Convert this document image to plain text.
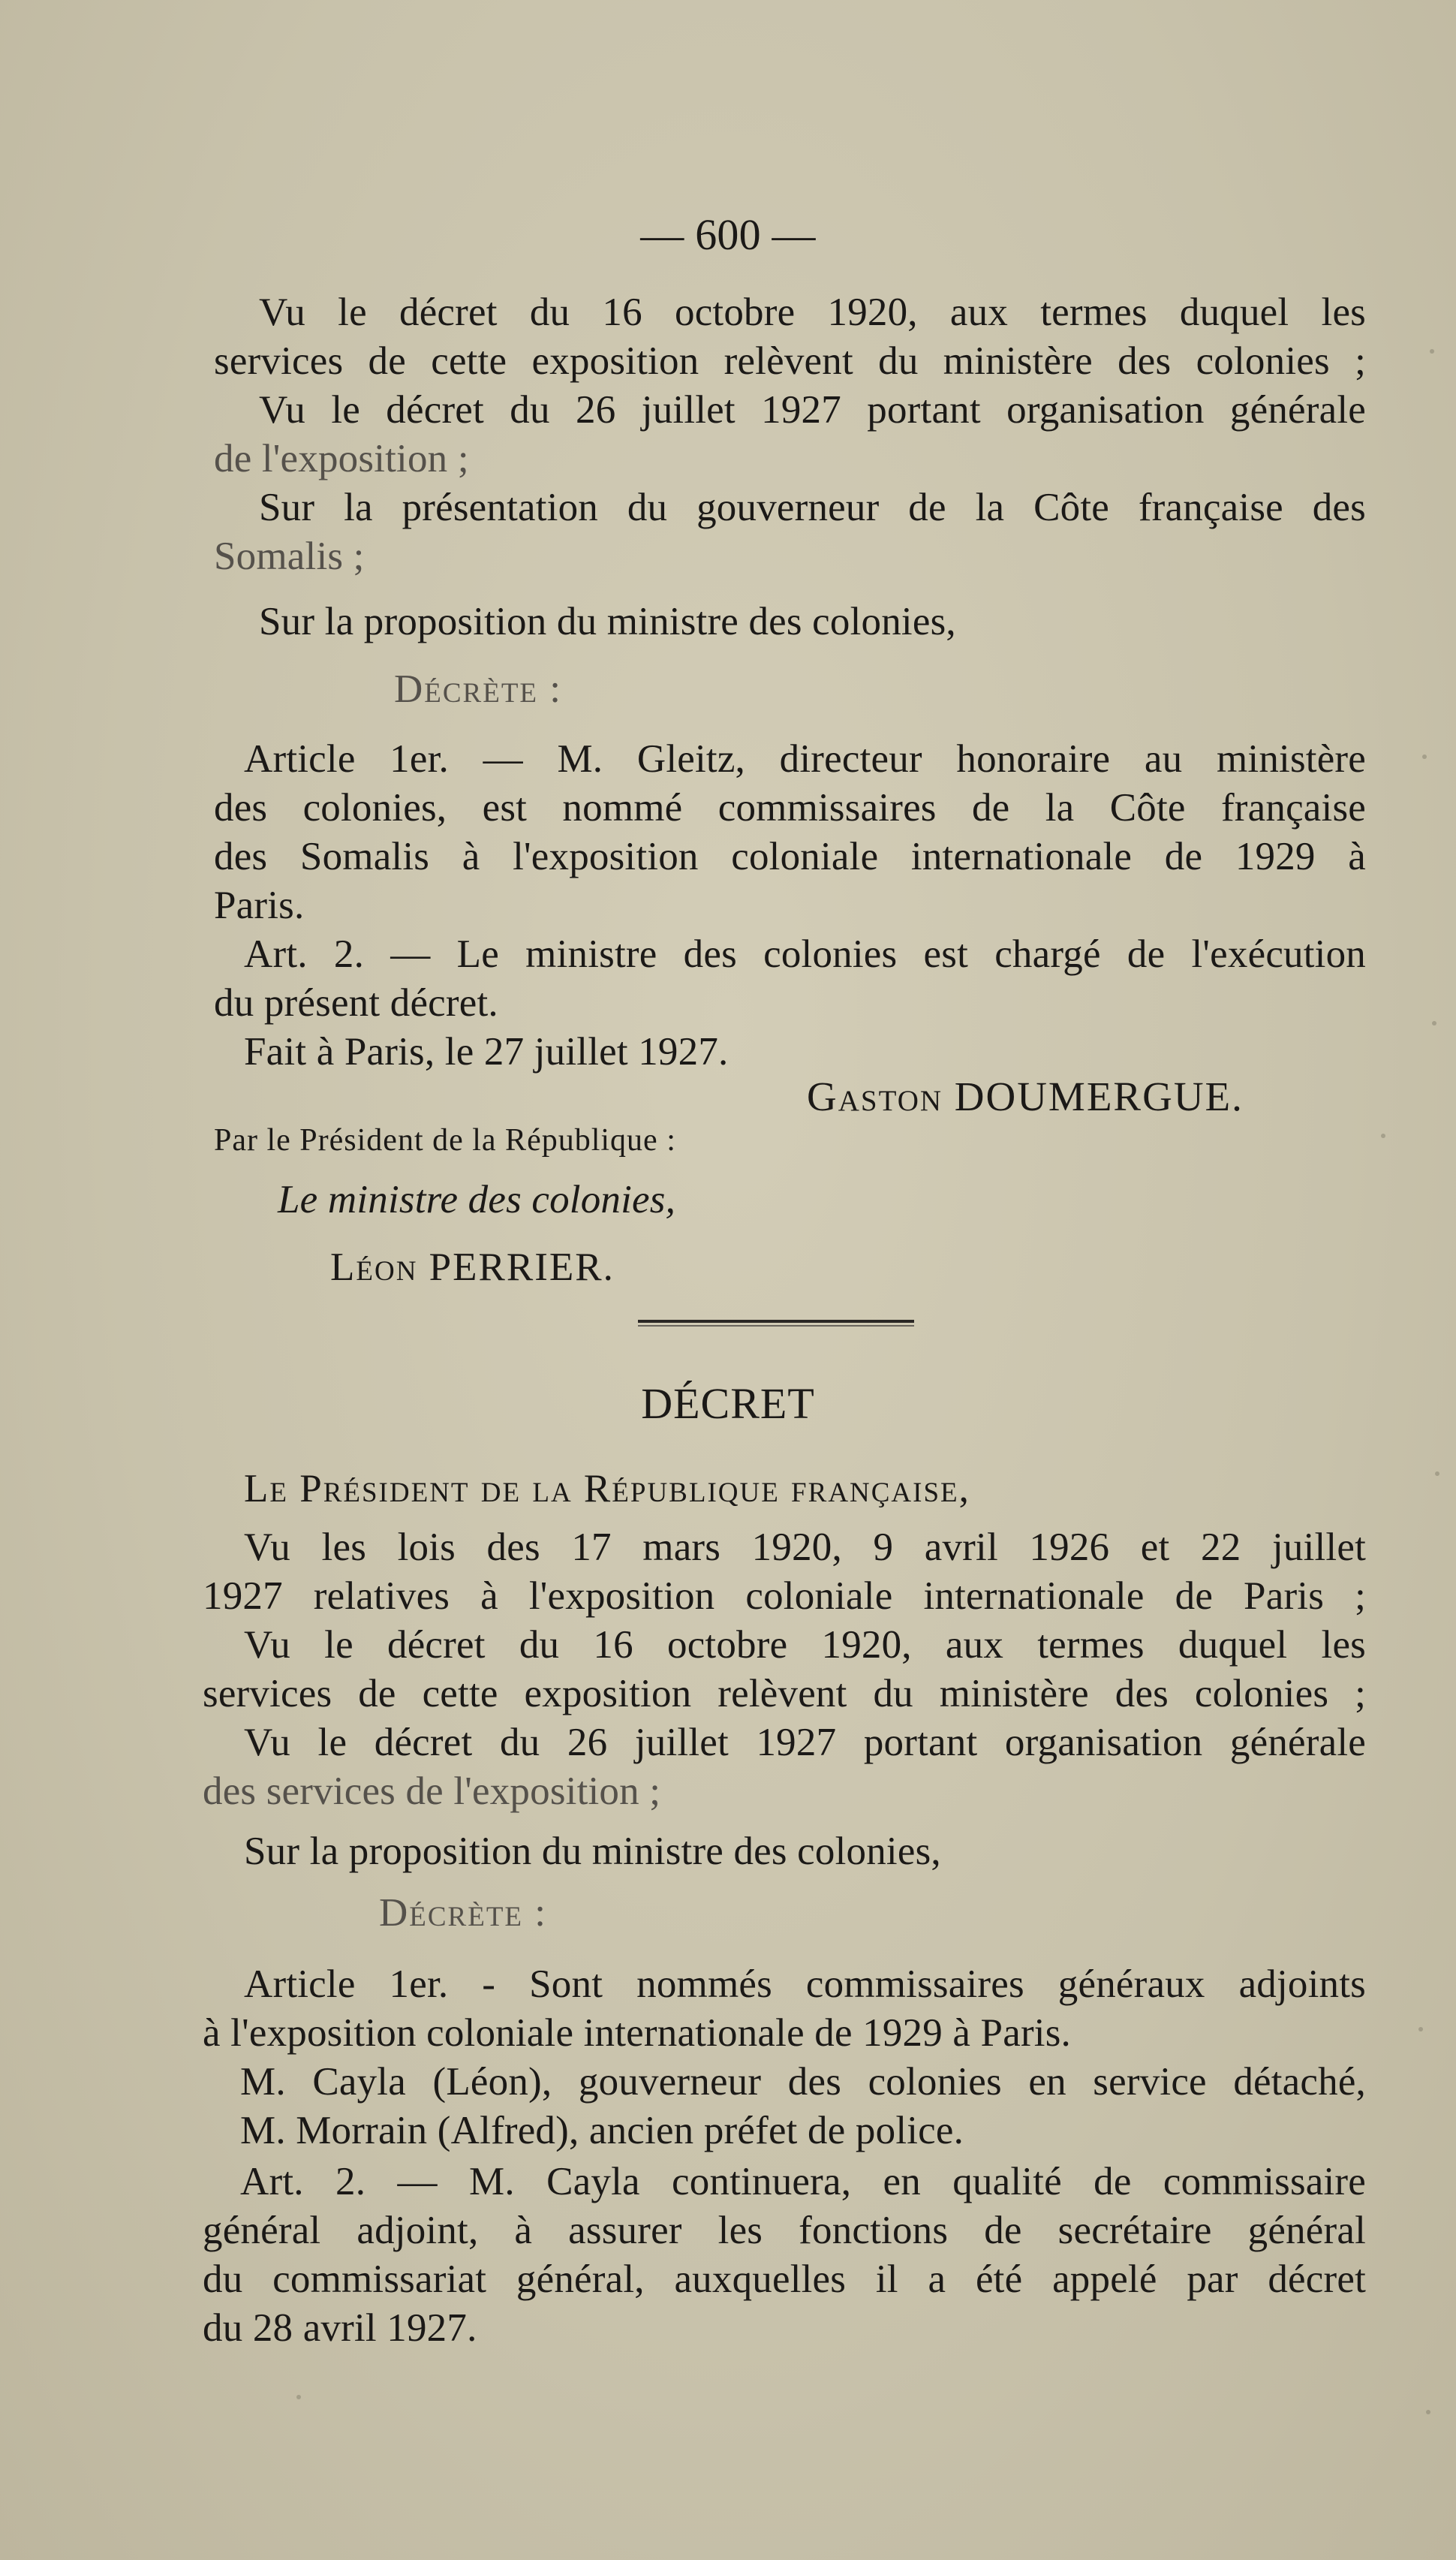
— 600 —
Vu le décret du 16 octobre 1920, aux termes duquel les
services de cette exposition relèvent du ministère des colonies ;
Vu le décret du 26 juillet 1927 portant organisation générale
de l'exposition ;
Sur la présentation du gouverneur de la Côte française des
Somalis ;
Sur la proposition du ministre des colonies,
Décrète :
Article 1er. — M. Gleitz, directeur honoraire au ministère
des colonies, est nommé commissaires de la Côte française
des Somalis à l'exposition coloniale internationale de 1929 à
Paris.
Art. 2. — Le ministre des colonies est chargé de l'exécution
du présent décret.
Fait à Paris, le 27 juillet 1927.
Gaston DOUMERGUE.
Par le Président de la République :
Le ministre des colonies,
Léon PERRIER.
DÉCRET
Le Président de la République française,
Vu les lois des 17 mars 1920, 9 avril 1926 et 22 juillet
1927 relatives à l'exposition coloniale internationale de Paris ;
Vu le décret du 16 octobre 1920, aux termes duquel les
services de cette exposition relèvent du ministère des colonies ;
Vu le décret du 26 juillet 1927 portant organisation générale
des services de l'exposition ;
Sur la proposition du ministre des colonies,
Décrète :
Article 1er. - Sont nommés commissaires généraux adjoints
à l'exposition coloniale internationale de 1929 à Paris.
M. Cayla (Léon), gouverneur des colonies en service détaché,
M. Morrain (Alfred), ancien préfet de police.
Art. 2. — M. Cayla continuera, en qualité de commissaire
général adjoint, à assurer les fonctions de secrétaire général
du commissariat général, auxquelles il a été appelé par décret
du 28 avril 1927.
